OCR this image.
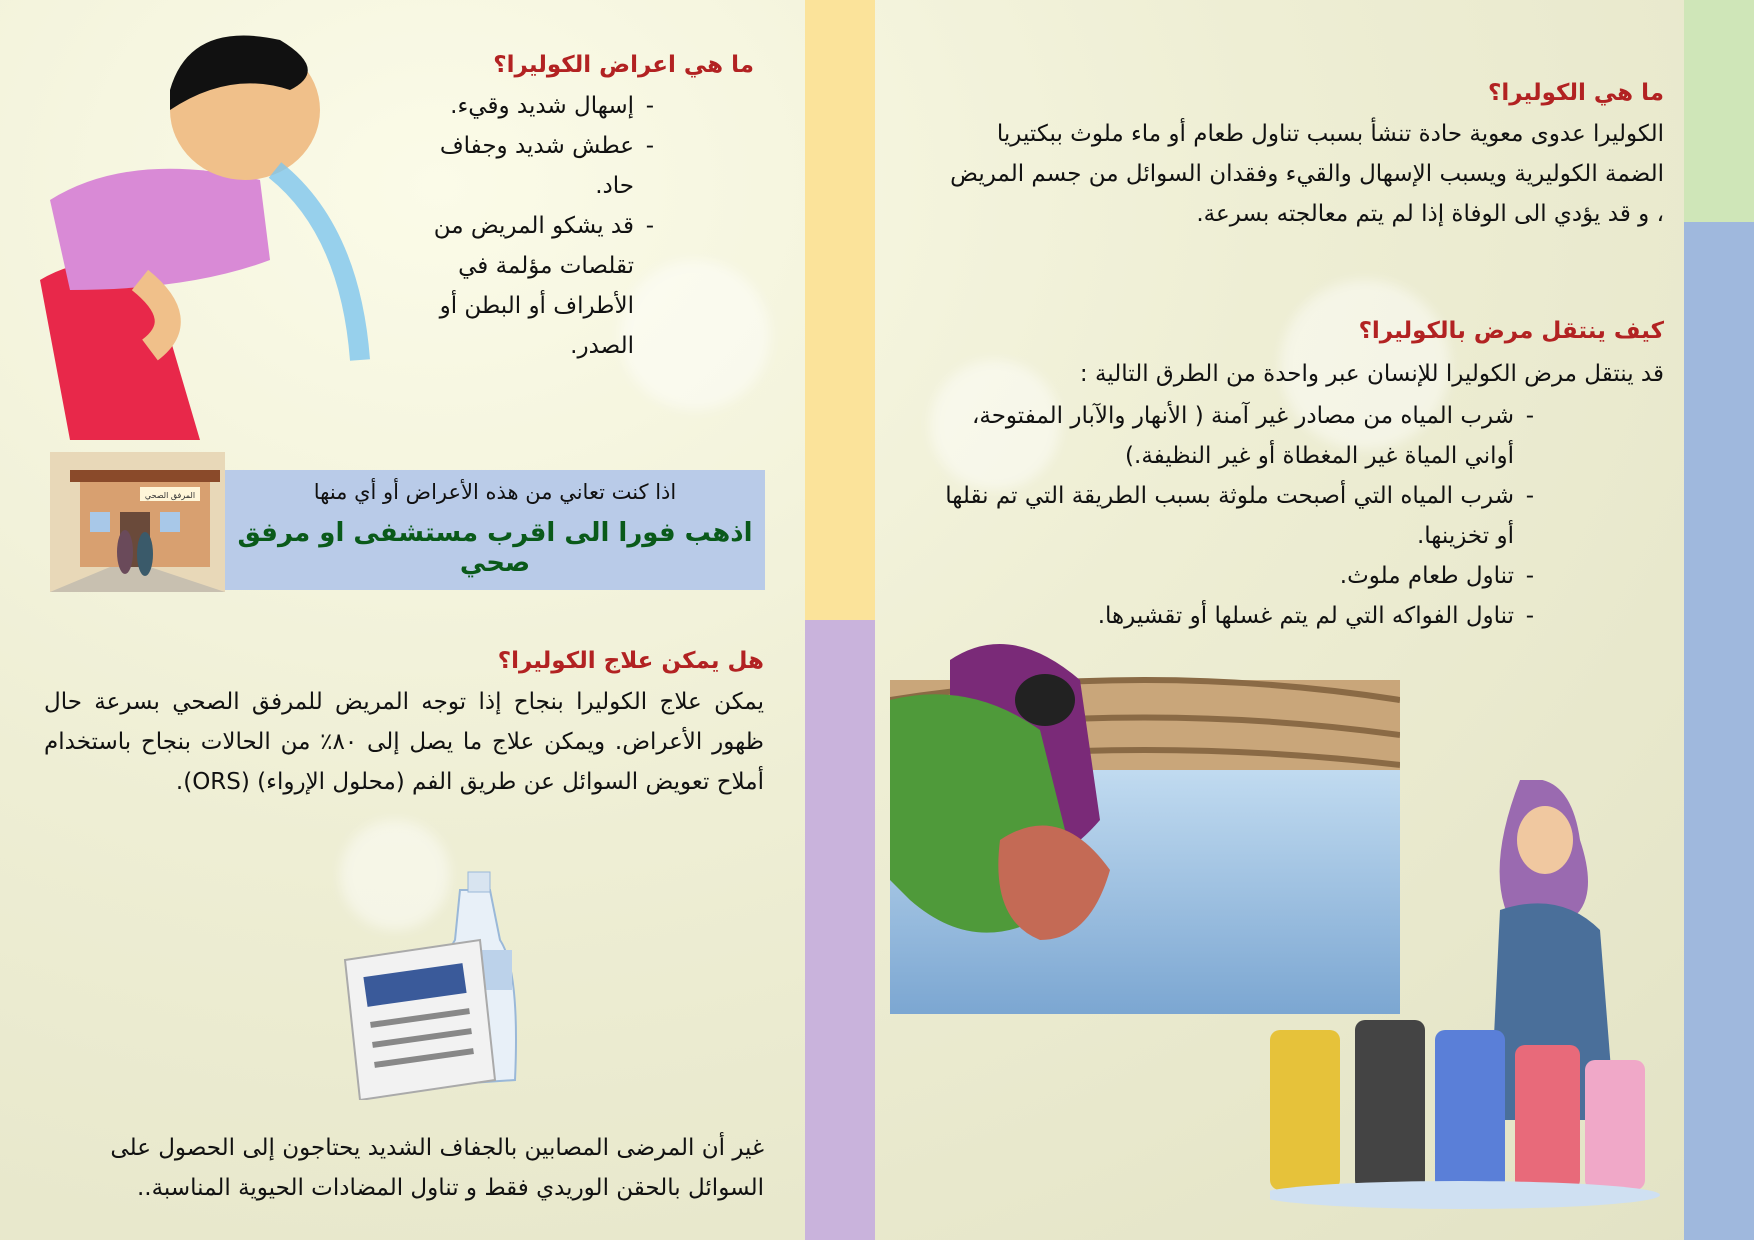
ما هي الكوليرا؟
الكوليرا عدوى معوية حادة تنشأ بسبب تناول طعام أو ماء ملوث ببكتيريا الضمة الكوليرية ويسبب الإسهال والقيء وفقدان السوائل من جسم المريض ، و قد يؤدي الى الوفاة إذا لم يتم معالجته بسرعة.
كيف ينتقل مرض بالكوليرا؟
قد ينتقل مرض الكوليرا للإنسان عبر واحدة من الطرق التالية :
- شرب المياه من مصادر غير آمنة ( الأنهار والآبار المفتوحة، أواني المياة غير المغطاة أو غير النظيفة.)
- شرب المياه التي أصبحت ملوثة بسبب الطريقة التي تم نقلها أو تخزينها.
- تناول طعام ملوث.
- تناول الفواكه التي لم يتم غسلها أو تقشيرها.
ما هي اعراض الكوليرا؟
- إسهال شديد وقيء.
- عطش شديد وجفاف حاد.
- قد يشكو المريض من تقلصات مؤلمة في الأطراف أو البطن أو الصدر.
المرفق الصحي	اذا كنت تعاني من هذه الأعراض أو أي منها
اذهب فورا الى اقرب مستشفى او مرفق صحي
هل يمكن علاج الكوليرا؟
يمكن علاج الكوليرا بنجاح إذا توجه المريض للمرفق الصحي بسرعة حال ظهور الأعراض. ويمكن علاج ما يصل إلى ٨٠٪ من الحالات بنجاح باستخدام أملاح تعويض السوائل عن طريق الفم (محلول الإرواء) (ORS).
غير أن المرضى المصابين بالجفاف الشديد يحتاجون إلى الحصول على السوائل بالحقن الوريدي فقط و تناول المضادات الحيوية المناسبة..
